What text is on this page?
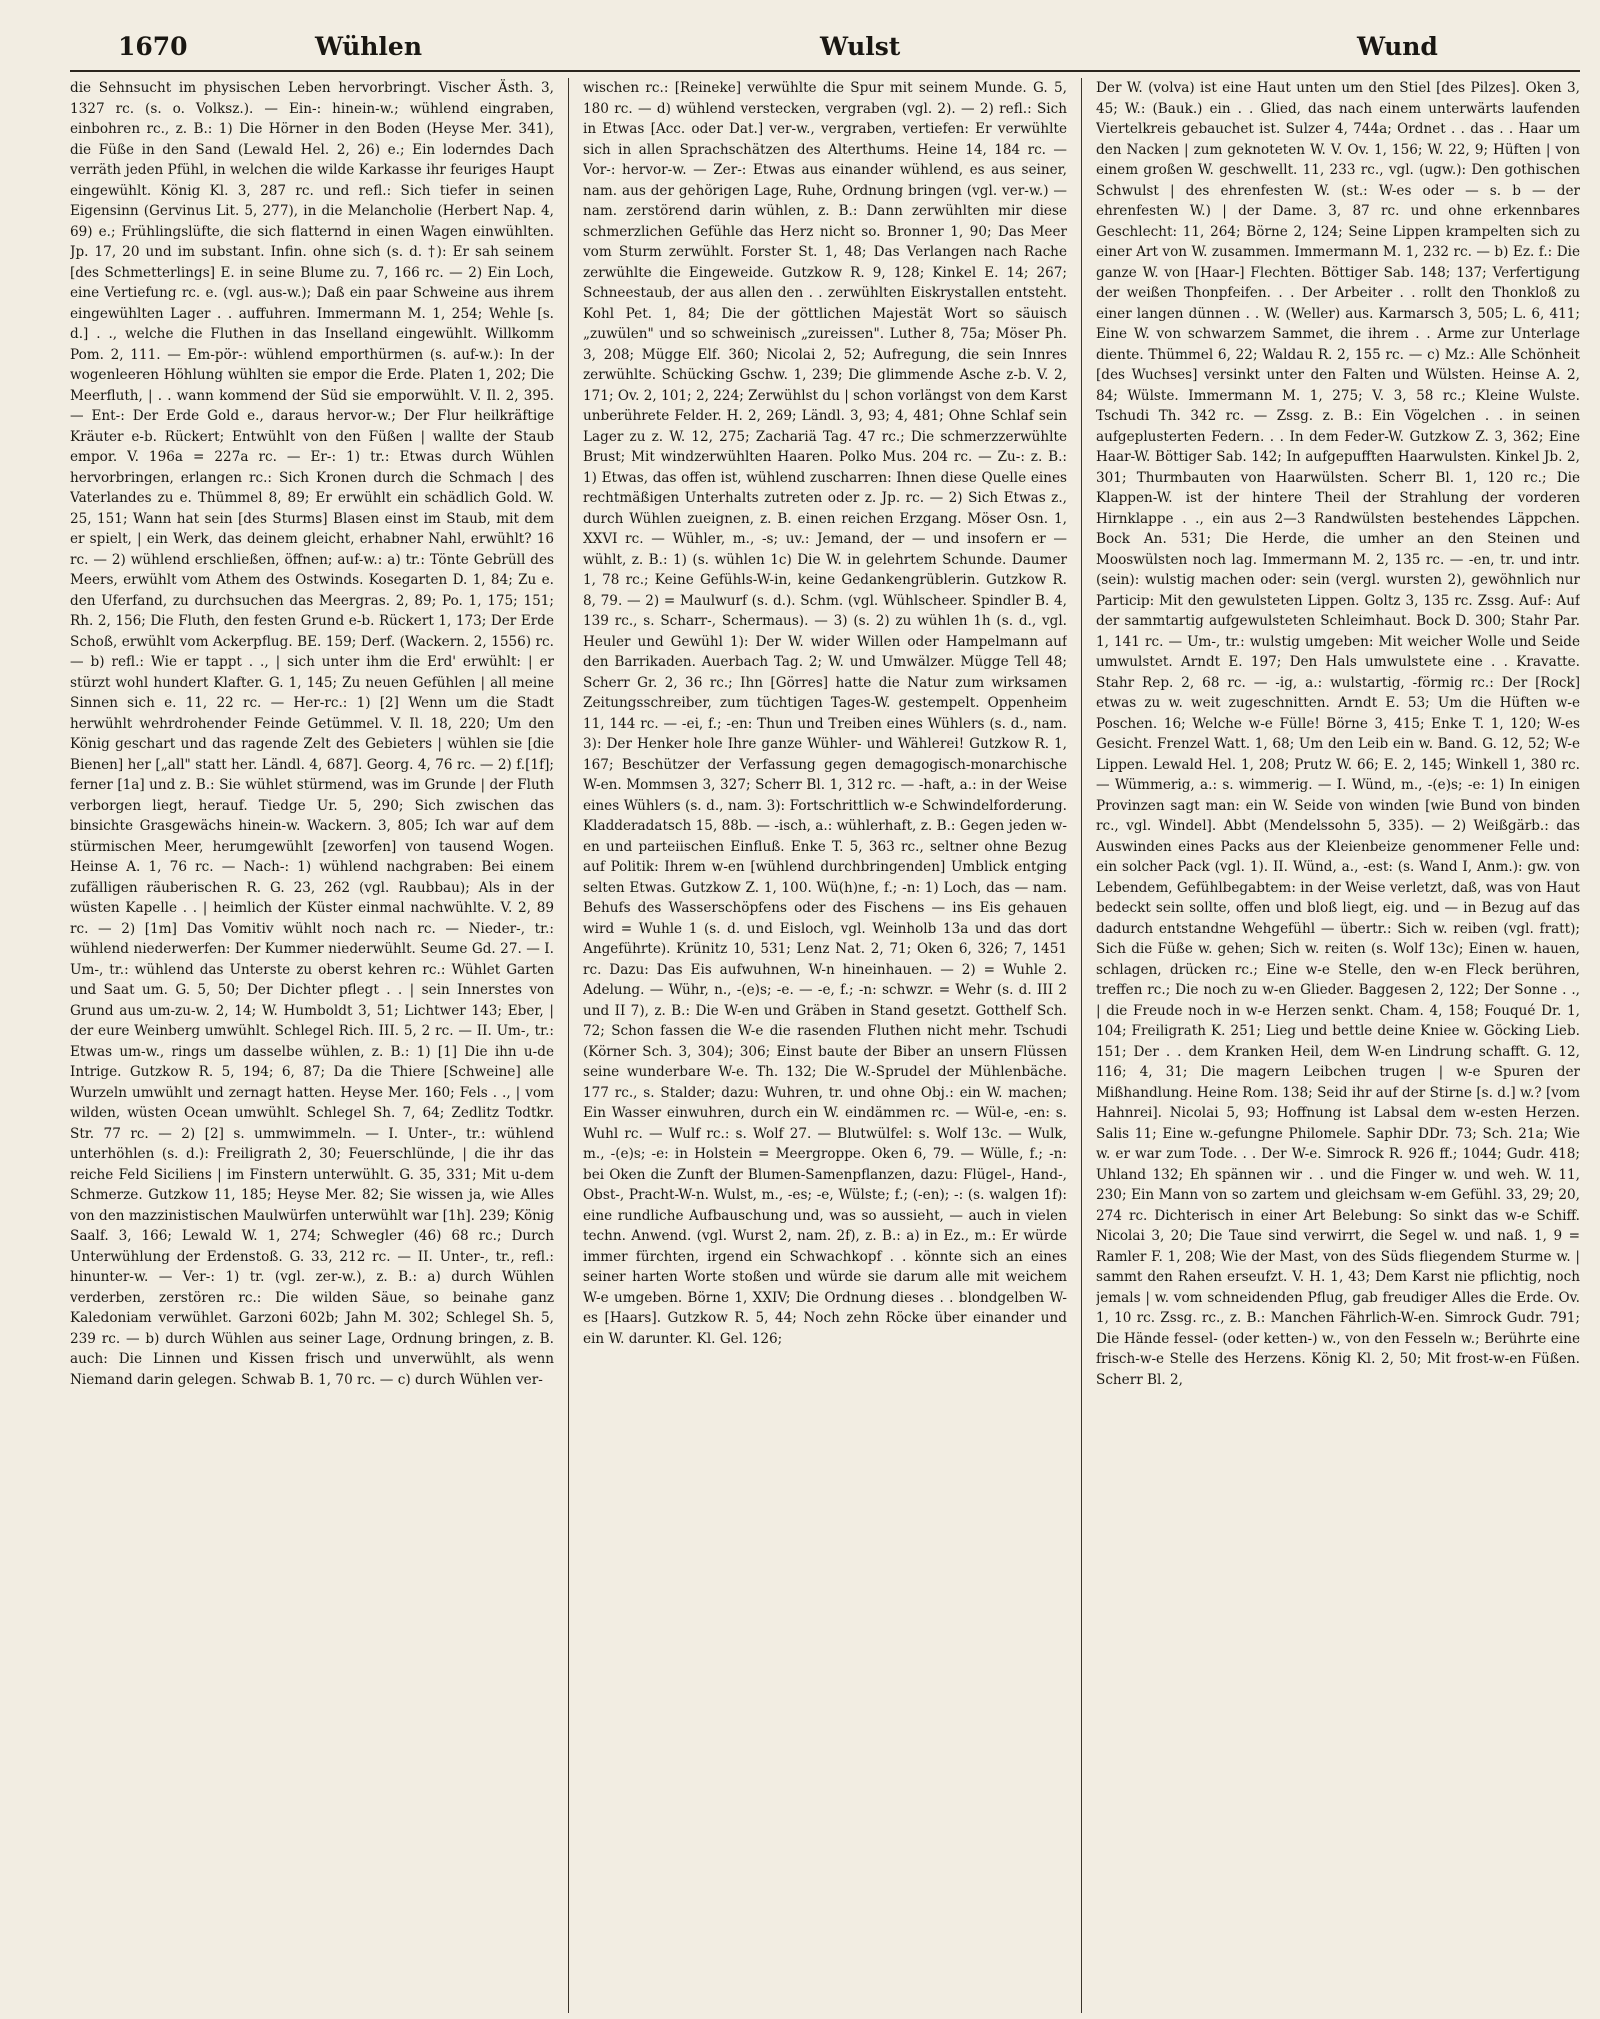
1670	Wühlen	Wulst	Wund

die Sehnsucht im physischen Leben hervorbringt. Vischer Ästh. 3, 1327 rc. (s. o. Volksz.). — Ein-: hinein-w.; wühlend eingraben, einbohren rc., z. B.: 1) Die Hörner in den Boden (Heyse Mer. 341), die Füße in den Sand (Lewald Hel. 2, 26) e.; Ein loderndes Dach verräth jeden Pfühl, in welchen die wilde Karkasse ihr feuriges Haupt eingewühlt. König Kl. 3, 287 rc. und refl.: Sich tiefer in seinen Eigensinn (Gervinus Lit. 5, 277), in die Melancholie (Herbert Nap. 4, 69) e.; Frühlingslüfte, die sich flatternd in einen Wagen einwühlten. Jp. 17, 20 und im substant. Infin. ohne sich (s. d. †): Er sah seinem [des Schmetterlings] E. in seine Blume zu. 7, 166 rc. — 2) Ein Loch, eine Vertiefung rc. e. (vgl. aus-w.); Daß ein paar Schweine aus ihrem eingewühlten Lager . . auffuhren. Immermann M. 1, 254; Wehle [s. d.] . ., welche die Fluthen in das Inselland eingewühlt. Willkomm Pom. 2, 111. — Em-pör-: wühlend emporthürmen (s. auf-w.): In der wogenleeren Höhlung wühlten sie empor die Erde. Platen 1, 202; Die Meerfluth, | . . wann kommend der Süd sie emporwühlt. V. Il. 2, 395. — Ent-: Der Erde Gold e., daraus hervor-w.; Der Flur heilkräftige Kräuter e-b. Rückert; Entwühlt von den Füßen | wallte der Staub empor. V. 196a = 227a rc. — Er-: 1) tr.: Etwas durch Wühlen hervorbringen, erlangen rc.: Sich Kronen durch die Schmach | des Vaterlandes zu e. Thümmel 8, 89; Er erwühlt ein schädlich Gold. W. 25, 151; Wann hat sein [des Sturms] Blasen einst im Staub, mit dem er spielt, | ein Werk, das deinem gleicht, erhabner Nahl, erwühlt? 16 rc. — 2) wühlend erschließen, öffnen; auf-w.: a) tr.: Tönte Gebrüll des Meers, erwühlt vom Athem des Ostwinds. Kosegarten D. 1, 84; Zu e. den Uferfand, zu durchsuchen das Meergras. 2, 89; Po. 1, 175; 151; Rh. 2, 156; Die Fluth, den festen Grund e-b. Rückert 1, 173; Der Erde Schoß, erwühlt vom Ackerpflug. BE. 159; Derf. (Wackern. 2, 1556) rc. — b) refl.: Wie er tappt . ., | sich unter ihm die Erd' erwühlt: | er stürzt wohl hundert Klafter. G. 1, 145; Zu neuen Gefühlen | all meine Sinnen sich e. 11, 22 rc. — Her-rc.: 1) [2] Wenn um die Stadt herwühlt wehrdrohender Feinde Getümmel. V. Il. 18, 220; Um den König geschart und das ragende Zelt des Gebieters | wühlen sie [die Bienen] her [„all" statt her. Ländl. 4, 687]. Georg. 4, 76 rc. — 2) f.[1f]; ferner [1a] und z. B.: Sie wühlet stürmend, was im Grunde | der Fluth verborgen liegt, herauf. Tiedge Ur. 5, 290; Sich zwischen das binsichte Grasgewächs hinein-w. Wackern. 3, 805; Ich war auf dem stürmischen Meer, herumgewühlt [zeworfen] von tausend Wogen. Heinse A. 1, 76 rc. — Nach-: 1) wühlend nachgraben: Bei einem zufälligen räuberischen R. G. 23, 262 (vgl. Raubbau); Als in der wüsten Kapelle . . | heimlich der Küster einmal nachwühlte. V. 2, 89 rc. — 2) [1m] Das Vomitiv wühlt noch nach rc. — Nieder-, tr.: wühlend niederwerfen: Der Kummer niederwühlt. Seume Gd. 27. — I. Um-, tr.: wühlend das Unterste zu oberst kehren rc.: Wühlet Garten und Saat um. G. 5, 50; Der Dichter pflegt . . | sein Innerstes von Grund aus um-zu-w. 2, 14; W. Humboldt 3, 51; Lichtwer 143; Eber, | der eure Weinberg umwühlt. Schlegel Rich. III. 5, 2 rc. — II. Um-, tr.: Etwas um-w., rings um dasselbe wühlen, z. B.: 1) [1] Die ihn u-de Intrige. Gutzkow R. 5, 194; 6, 87; Da die Thiere [Schweine] alle Wurzeln umwühlt und zernagt hatten. Heyse Mer. 160; Fels . ., | vom wilden, wüsten Ocean umwühlt. Schlegel Sh. 7, 64; Zedlitz Todtkr. Str. 77 rc. — 2) [2] s. ummwimmeln. — I. Unter-, tr.: wühlend unterhöhlen (s. d.): Freiligrath 2, 30; Feuerschlünde, | die ihr das reiche Feld Siciliens | im Finstern unterwühlt. G. 35, 331; Mit u-dem Schmerze. Gutzkow 11, 185; Heyse Mer. 82; Sie wissen ja, wie Alles von den mazzinistischen Maulwürfen unterwühlt war [1h]. 239; König Saalf. 3, 166; Lewald W. 1, 274; Schwegler (46) 68 rc.; Durch Unterwühlung der Erdenstoß. G. 33, 212 rc. — II. Unter-, tr., refl.: hinunter-w. — Ver-: 1) tr. (vgl. zer-w.), z. B.: a) durch Wühlen verderben, zerstören rc.: Die wilden Säue, so beinahe ganz Kaledoniam verwühlet. Garzoni 602b; Jahn M. 302; Schlegel Sh. 5, 239 rc. — b) durch Wühlen aus seiner Lage, Ordnung bringen, z. B. auch: Die Linnen und Kissen frisch und unverwühlt, als wenn Niemand darin gelegen. Schwab B. 1, 70 rc. — c) durch Wühlen ver-

wischen rc.: [Reineke] verwühlte die Spur mit seinem Munde. G. 5, 180 rc. — d) wühlend verstecken, vergraben (vgl. 2). — 2) refl.: Sich in Etwas [Acc. oder Dat.] ver-w., vergraben, vertiefen: Er verwühlte sich in allen Sprachschätzen des Alterthums. Heine 14, 184 rc. — Vor-: hervor-w. — Zer-: Etwas aus einander wühlend, es aus seiner, nam. aus der gehörigen Lage, Ruhe, Ordnung bringen (vgl. ver-w.) — nam. zerstörend darin wühlen, z. B.: Dann zerwühlten mir diese schmerzlichen Gefühle das Herz nicht so. Bronner 1, 90; Das Meer vom Sturm zerwühlt. Forster St. 1, 48; Das Verlangen nach Rache zerwühlte die Eingeweide. Gutzkow R. 9, 128; Kinkel E. 14; 267; Schneestaub, der aus allen den . . zerwühlten Eiskrystallen entsteht. Kohl Pet. 1, 84; Die der göttlichen Majestät Wort so säuisch „zuwülen" und so schweinisch „zureissen". Luther 8, 75a; Möser Ph. 3, 208; Mügge Elf. 360; Nicolai 2, 52; Aufregung, die sein Innres zerwühlte. Schücking Gschw. 1, 239; Die glimmende Asche z-b. V. 2, 171; Ov. 2, 101; 2, 224; Zerwühlst du | schon vorlängst von dem Karst unberührete Felder. H. 2, 269; Ländl. 3, 93; 4, 481; Ohne Schlaf sein Lager zu z. W. 12, 275; Zachariä Tag. 47 rc.; Die schmerzzerwühlte Brust; Mit windzerwühlten Haaren. Polko Mus. 204 rc. — Zu-: z. B.: 1) Etwas, das offen ist, wühlend zuscharren: Ihnen diese Quelle eines rechtmäßigen Unterhalts zutreten oder z. Jp. rc. — 2) Sich Etwas z., durch Wühlen zueignen, z. B. einen reichen Erzgang. Möser Osn. 1, XXVI rc. — Wühler, m., -s; uv.: Jemand, der — und insofern er — wühlt, z. B.: 1) (s. wühlen 1c) Die W. in gelehrtem Schunde. Daumer 1, 78 rc.; Keine Gefühls-W-in, keine Gedankengrüblerin. Gutzkow R. 8, 79. — 2) = Maulwurf (s. d.). Schm. (vgl. Wühlscheer. Spindler B. 4, 139 rc., s. Scharr-, Schermaus). — 3) (s. 2) zu wühlen 1h (s. d., vgl. Heuler und Gewühl 1): Der W. wider Willen oder Hampelmann auf den Barrikaden. Auerbach Tag. 2; W. und Umwälzer. Mügge Tell 48; Scherr Gr. 2, 36 rc.; Ihn [Görres] hatte die Natur zum wirksamen Zeitungsschreiber, zum tüchtigen Tages-W. gestempelt. Oppenheim 11, 144 rc. — -ei, f.; -en: Thun und Treiben eines Wühlers (s. d., nam. 3): Der Henker hole Ihre ganze Wühler- und Wählerei! Gutzkow R. 1, 167; Beschützer der Verfassung gegen demagogisch-monarchische W-en. Mommsen 3, 327; Scherr Bl. 1, 312 rc. — -haft, a.: in der Weise eines Wühlers (s. d., nam. 3): Fortschrittlich w-e Schwindelforderung. Kladderadatsch 15, 88b. — -isch, a.: wühlerhaft, z. B.: Gegen jeden w-en und parteiischen Einfluß. Enke T. 5, 363 rc., seltner ohne Bezug auf Politik: Ihrem w-en [wühlend durchbringenden] Umblick entging selten Etwas. Gutzkow Z. 1, 100. Wü(h)ne, f.; -n: 1) Loch, das — nam. Behufs des Wasserschöpfens oder des Fischens — ins Eis gehauen wird = Wuhle 1 (s. d. und Eisloch, vgl. Weinholb 13a und das dort Angeführte). Krünitz 10, 531; Lenz Nat. 2, 71; Oken 6, 326; 7, 1451 rc. Dazu: Das Eis aufwuhnen, W-n hineinhauen. — 2) = Wuhle 2. Adelung. — Wühr, n., -(e)s; -e. — -e, f.; -n: schwzr. = Wehr (s. d. III 2 und II 7), z. B.: Die W-en und Gräben in Stand gesetzt. Gotthelf Sch. 72; Schon fassen die W-e die rasenden Fluthen nicht mehr. Tschudi (Körner Sch. 3, 304); 306; Einst baute der Biber an unsern Flüssen seine wunderbare W-e. Th. 132; Die W.-Sprudel der Mühlenbäche. 177 rc., s. Stalder; dazu: Wuhren, tr. und ohne Obj.: ein W. machen; Ein Wasser einwuhren, durch ein W. eindämmen rc. — Wül-e, -en: s. Wuhl rc. — Wulf rc.: s. Wolf 27. — Blutwülfel: s. Wolf 13c. — Wulk, m., -(e)s; -e: in Holstein = Meergroppe. Oken 6, 79. — Wülle, f.; -n: bei Oken die Zunft der Blumen-Samenpflanzen, dazu: Flügel-, Hand-, Obst-, Pracht-W-n. Wulst, m., -es; -e, Wülste; f.; (-en); -: (s. walgen 1f): eine rundliche Aufbauschung und, was so aussieht, — auch in vielen techn. Anwend. (vgl. Wurst 2, nam. 2f), z. B.: a) in Ez., m.: Er würde immer fürchten, irgend ein Schwachkopf . . könnte sich an eines seiner harten Worte stoßen und würde sie darum alle mit weichem W-e umgeben. Börne 1, XXIV; Die Ordnung dieses . . blondgelben W-es [Haars]. Gutzkow R. 5, 44; Noch zehn Röcke über einander und ein W. darunter. Kl. Gel. 126;

Der W. (volva) ist eine Haut unten um den Stiel [des Pilzes]. Oken 3, 45; W.: (Bauk.) ein . . Glied, das nach einem unterwärts laufenden Viertelkreis gebauchet ist. Sulzer 4, 744a; Ordnet . . das . . Haar um den Nacken | zum geknoteten W. V. Ov. 1, 156; W. 22, 9; Hüften | von einem großen W. geschwellt. 11, 233 rc., vgl. (ugw.): Den gothischen Schwulst | des ehrenfesten W. (st.: W-es oder — s. b — der ehrenfesten W.) | der Dame. 3, 87 rc. und ohne erkennbares Geschlecht: 11, 264; Börne 2, 124; Seine Lippen krampelten sich zu einer Art von W. zusammen. Immermann M. 1, 232 rc. — b) Ez. f.: Die ganze W. von [Haar-] Flechten. Böttiger Sab. 148; 137; Verfertigung der weißen Thonpfeifen. . . Der Arbeiter . . rollt den Thonkloß zu einer langen dünnen . . W. (Weller) aus. Karmarsch 3, 505; L. 6, 411; Eine W. von schwarzem Sammet, die ihrem . . Arme zur Unterlage diente. Thümmel 6, 22; Waldau R. 2, 155 rc. — c) Mz.: Alle Schönheit [des Wuchses] versinkt unter den Falten und Wülsten. Heinse A. 2, 84; Wülste. Immermann M. 1, 275; V. 3, 58 rc.; Kleine Wulste. Tschudi Th. 342 rc. — Zssg. z. B.: Ein Vögelchen . . in seinen aufgeplusterten Federn. . . In dem Feder-W. Gutzkow Z. 3, 362; Eine Haar-W. Böttiger Sab. 142; In aufgepufften Haarwulsten. Kinkel Jb. 2, 301; Thurmbauten von Haarwülsten. Scherr Bl. 1, 120 rc.; Die Klappen-W. ist der hintere Theil der Strahlung der vorderen Hirnklappe . ., ein aus 2—3 Randwülsten bestehendes Läppchen. Bock An. 531; Die Herde, die umher an den Steinen und Mooswülsten noch lag. Immermann M. 2, 135 rc. — -en, tr. und intr. (sein): wulstig machen oder: sein (vergl. wursten 2), gewöhnlich nur Particip: Mit den gewulsteten Lippen. Goltz 3, 135 rc. Zssg. Auf-: Auf der sammtartig aufgewulsteten Schleimhaut. Bock D. 300; Stahr Par. 1, 141 rc. — Um-, tr.: wulstig umgeben: Mit weicher Wolle und Seide umwulstet. Arndt E. 197; Den Hals umwulstete eine . . Kravatte. Stahr Rep. 2, 68 rc. — -ig, a.: wulstartig, -förmig rc.: Der [Rock] etwas zu w. weit zugeschnitten. Arndt E. 53; Um die Hüften w-e Poschen. 16; Welche w-e Fülle! Börne 3, 415; Enke T. 1, 120; W-es Gesicht. Frenzel Watt. 1, 68; Um den Leib ein w. Band. G. 12, 52; W-e Lippen. Lewald Hel. 1, 208; Prutz W. 66; E. 2, 145; Winkell 1, 380 rc. — Wümmerig, a.: s. wimmerig. — I. Wünd, m., -(e)s; -e: 1) In einigen Provinzen sagt man: ein W. Seide von winden [wie Bund von binden rc., vgl. Windel]. Abbt (Mendelssohn 5, 335). — 2) Weißgärb.: das Auswinden eines Packs aus der Kleienbeize genommener Felle und: ein solcher Pack (vgl. 1). II. Wünd, a., -est: (s. Wand I, Anm.): gw. von Lebendem, Gefühlbegabtem: in der Weise verletzt, daß, was von Haut bedeckt sein sollte, offen und bloß liegt, eig. und — in Bezug auf das dadurch entstandne Wehgefühl — übertr.: Sich w. reiben (vgl. fratt); Sich die Füße w. gehen; Sich w. reiten (s. Wolf 13c); Einen w. hauen, schlagen, drücken rc.; Eine w-e Stelle, den w-en Fleck berühren, treffen rc.; Die noch zu w-en Glieder. Baggesen 2, 122; Der Sonne . ., | die Freude noch in w-e Herzen senkt. Cham. 4, 158; Fouqué Dr. 1, 104; Freiligrath K. 251; Lieg und bettle deine Kniee w. Göcking Lieb. 151; Der . . dem Kranken Heil, dem W-en Lindrung schafft. G. 12, 116; 4, 31; Die magern Leibchen trugen | w-e Spuren der Mißhandlung. Heine Rom. 138; Seid ihr auf der Stirne [s. d.] w.? [vom Hahnrei]. Nicolai 5, 93; Hoffnung ist Labsal dem w-esten Herzen. Salis 11; Eine w.-gefungne Philomele. Saphir DDr. 73; Sch. 21a; Wie w. er war zum Tode. . . Der W-e. Simrock R. 926 ff.; 1044; Gudr. 418; Uhland 132; Eh spännen wir . . und die Finger w. und weh. W. 11, 230; Ein Mann von so zartem und gleichsam w-em Gefühl. 33, 29; 20, 274 rc. Dichterisch in einer Art Belebung: So sinkt das w-e Schiff. Nicolai 3, 20; Die Taue sind verwirrt, die Segel w. und naß. 1, 9 = Ramler F. 1, 208; Wie der Mast, von des Süds fliegendem Sturme w. | sammt den Rahen erseufzt. V. H. 1, 43; Dem Karst nie pflichtig, noch jemals | w. vom schneidenden Pflug, gab freudiger Alles die Erde. Ov. 1, 10 rc. Zssg. rc., z. B.: Manchen Fährlich-W-en. Simrock Gudr. 791; Die Hände fessel- (oder ketten-) w., von den Fesseln w.; Berührte eine frisch-w-e Stelle des Herzens. König Kl. 2, 50; Mit frost-w-en Füßen. Scherr Bl. 2,
